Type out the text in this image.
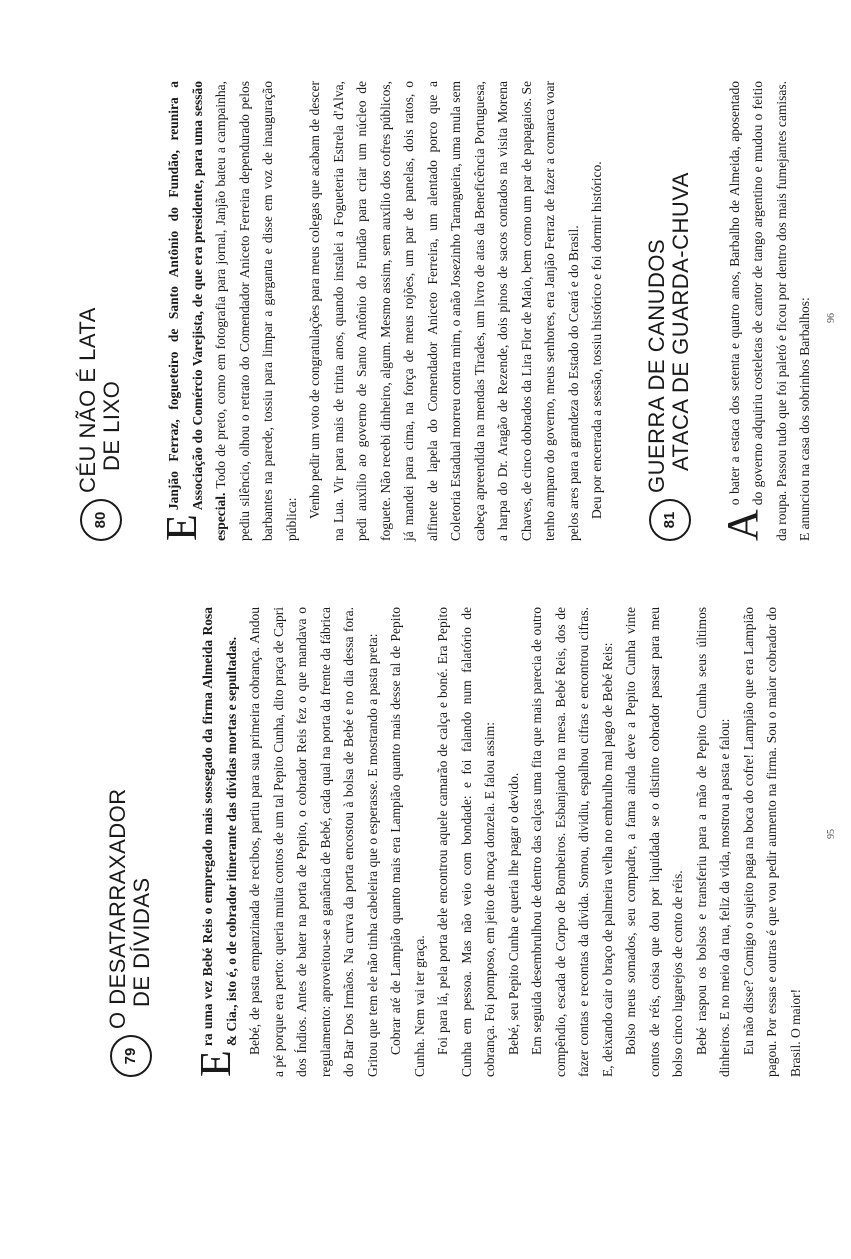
79
O DESATARRAXADOR DE DÍVIDAS

E
ra uma vez Bebé Reis o empregado mais sossegado da firma Almeida Rosa & Cia., isto é, o de cobrador itinerante das dívidas mortas e sepultadas. Bebé, de pasta empanzinada de recibos, partiu para sua primeira cobrança. Andou a pé porque era perto: queria muita contos de um tal Pepito Cunha, dito praça de Capri dos Índios. Antes de bater na porta de Pepito, o cobrador Reis fez o que mandava o regulamento: aproveitou-se a ganância de Bebé, cada qual na porta da frente da fábrica do Bar Dos Irmãos. Na curva da porta encostou à bolsa de Bebé e no dia dessa fora. Gritou que tem ele não tinha cabeleira que o esperasse. E mostrando a pasta preta: Cobrar até de Lampião quanto mais era Lampião quanto mais desse tal de Pepito Cunha. Nem vai ter graça. Foi para lá, pela porta dele encontrou aquele camarão de calça e boné. Era Pepito Cunha em pessoa. Mas não veio com bondade: e foi falando num falatório de cobrança. Foi pomposo, em jeito de moça donzela. E falou assim: Bebé, seu Pepito Cunha e queria lhe pagar o devido. Em seguida desembrulhou de dentro das calças uma fita que mais parecia de outro compêndio, escada de Corpo de Bombeiros. Esbanjando na mesa. Bebé Reis, dos de fazer contas e recontas da dívida. Somou, dividiu, espalhou cifras e encontrou cifras. E, deixando cair o braço de palmeira velha no embrulho mal pago de Bebé Reis: Bolso meus somados, seu compadre, a fama ainda deve a Pepito Cunha vinte contos de réis, coisa que dou por liquidada se o distinto cobrador passar para meu bolso cinco lugarejos de conto de réis. Bebé raspou os bolsos e transferiu para a mão de Pepito Cunha seus últimos dinheiros. E no meio da rua, feliz da vida, mostrou a pasta e falou: Eu não disse? Comigo o sujeito paga na boca do cofre! Lampião que era Lampião pagou. Por essas e outras é que vou pedir aumento na firma. Sou o maior cobrador do Brasil. O maior!

95
80
CÉU NÃO É LATA DE LIXO

E
Janjão Ferraz, fogueteiro de Santo Antônio do Fundão, reunira a Associação do Comércio Varejista, de que era presidente, para uma sessão especial. Todo de preto, como em fotografia para jornal, Janjão bateu a campainha, pediu silêncio, olhou o retrato do Comendador Aniceto Ferreira dependurado pelos barbantes na parede, tossiu para limpar a garganta e disse em voz de inauguração pública:

Venho pedir um voto de congratulações para meus colegas que acabam de descer na Lua. Vir para mais de trinta anos, quando instalei a Fogueteria Estrela d'Alva, pedi auxílio ao governo de Santo Antônio do Fundão para criar um núcleo de foguete. Não recebi dinheiro, algum. Mesmo assim, sem auxílio dos cofres públicos, já mandei para cima, na força de meus rojões, um par de panelas, dois ratos, o alfinete de lapela do Comendador Aniceto Ferreira, um alentado porco que a Coletoria Estadual morreu contra mim, o anão Josezinho Tarangueira, uma mula sem cabeça apreendida na mendas Tirades, um livro de atas da Beneficência Portuguesa, a harpa do Dr. Aragão de Rezende, dois pinos de sacos contados na visita Morena Chaves, de cinco dobrados da Lira Flor de Maio, bem como um par de papagaios. Se tenho amparo do governo, meus senhores, era Janjão Ferraz de fazer a comarca voar pelos ares para a grandeza do Estado do Ceará e do Brasil. Deu por encerrada a sessão, tossiu histórico e foi dormir histórico.

81
GUERRA DE CANUDOS ATACA DE GUARDA-CHUVA

A
o bater a estaca dos setenta e quatro anos, Barbalho de Almeida, aposentado do governo adquiriu costeletas de cantor de tango argentino e mudou o feitio da roupa. Passou tudo que foi paletó e ficou por dentro dos mais fumejantes camisas. E anunciou na casa dos sobrinhos Barbalhos:	96
